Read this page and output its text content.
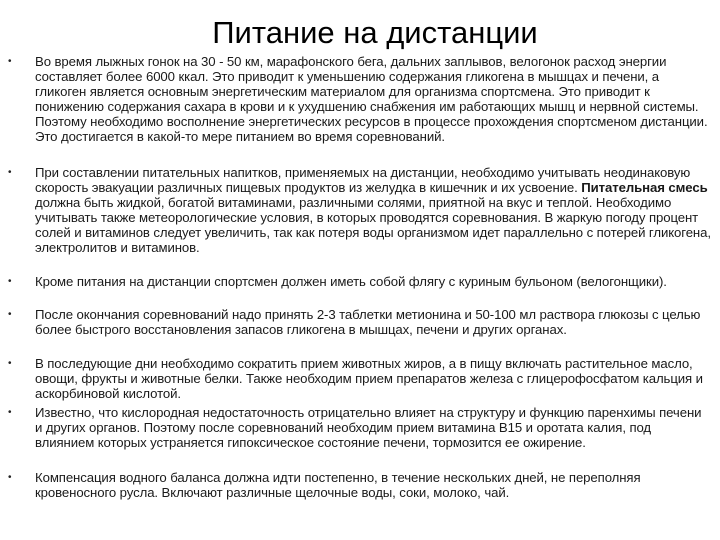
Питание на дистанции
• Во время лыжных гонок на 30 - 50 км, марафонского бега, дальних заплывов, велогонок расход энергии составляет более 6000 ккал. Это приводит к уменьшению содержания гликогена в мышцах и печени, а гликоген является основным энергетическим материалом для организма спортсмена. Это приводит к понижению содержания сахара в крови и к ухудшению снабжения им работающих мышц и нервной системы. Поэтому необходимо восполнение энергетических ресурсов в процессе прохождения спортсменом дистанции. Это достигается в какой-то мере питанием во время соревнований.
• При составлении питательных напитков, применяемых на дистанции, необходимо учитывать неодинаковую скорость эвакуации различных пищевых продуктов из желудка в кишечник и их усвоение. Питательная смесь должна быть жидкой, богатой витаминами, различными солями, приятной на вкус и теплой. Необходимо учитывать также метеорологические условия, в которых проводятся соревнования. В жаркую погоду процент солей и витаминов следует увеличить, так как потеря воды организмом идет параллельно с потерей гликогена, электролитов и витаминов.
• Кроме питания на дистанции спортсмен должен иметь собой флягу с куриным бульоном (велогонщики).
• После окончания соревнований надо принять 2-3 таблетки метионина и 50-100 мл раствора глюкозы с целью более быстрого восстановления запасов гликогена в мышцах, печени и других органах.
• В последующие дни необходимо сократить прием животных жиров, а в пищу включать растительное масло, овощи, фрукты и животные белки. Также необходим прием препаратов железа с глицерофосфатом кальция и аскорбиновой кислотой.
• Известно, что кислородная недостаточность отрицательно влияет на структуру и функцию паренхимы печени и других органов. Поэтому после соревнований необходим прием витамина B15 и оротата калия, под влиянием которых устраняется гипоксическое состояние печени, тормозится ее ожирение.
• Компенсация водного баланса должна идти постепенно, в течение нескольких дней, не переполняя кровеносного русла. Включают различные щелочные воды, соки, молоко, чай.
